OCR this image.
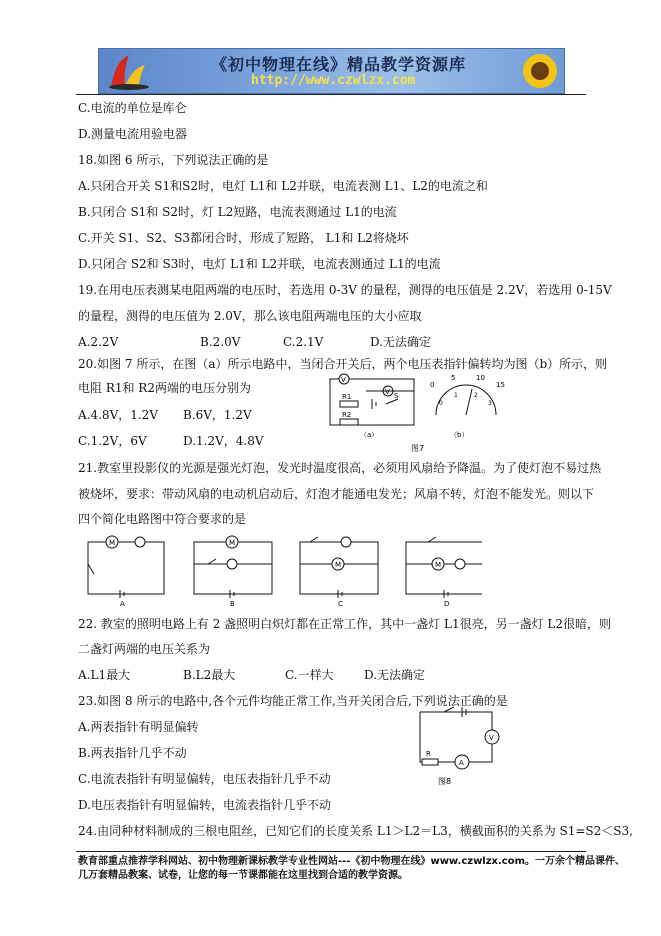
《初中物理在线》精品教学资源库
http://www.czwlzx.com
C.电流的单位是库仑
D.测量电流用验电器
18.如图 6 所示，下列说法正确的是
A.只闭合开关 S1和S2时，电灯 L1和 L2并联，电流表测 L1、L2的电流之和
B.只闭合 S1和 S2时，灯 L2短路，电流表测通过 L1的电流
C.开关 S1、S2、S3都闭合时，形成了短路， L1和 L2将烧坏
D.只闭合 S2和 S3时，电灯 L1和 L2并联，电流表测通过 L1的电流
19.在用电压表测某电阻两端的电压时，若选用 0-3V 的量程，测得的电压值是 2.2V，若选用 0-15V
的量程，测得的电压值为 2.0V，那么该电阻两端电压的大小应取
A.2.2V	B.2.0V	C.2.1V	D.无法确定
20.如图 7 所示，在图（a）所示电路中，当闭合开关后，两个电压表指针偏转均为图（b）所示，则
电阻 R1和 R2两端的电压分别为
A.4.8V，1.2V B.6V，1.2V
C.1.2V，6V	D.1.2V，4.8V
V
V
R1
R2
S
（a）	（b）
0
5	10
15
0
1	2
3
图7
21.教室里投影仪的光源是强光灯泡，发光时温度很高，必须用风扇给予降温。为了使灯泡不易过热
被烧坏，要求：带动风扇的电动机启动后，灯泡才能通电发光；风扇不转，灯泡不能发光。则以下
四个简化电路图中符合要求的是
M	M
M	M
A	B	C	D
22. 教室的照明电路上有 2 盏照明白炽灯都在正常工作，其中一盏灯 L1很亮，另一盏灯 L2很暗，则
二盏灯两端的电压关系为
A.L1最大	B.L2最大	C.一样大	D.无法确定
23.如图 8 所示的电路中,各个元件均能正常工作,当开关闭合后,下列说法正确的是
A.两表指针有明显偏转
B.两表指针几乎不动
C.电流表指针有明显偏转，电压表指针几乎不动
D.电压表指针有明显偏转，电流表指针几乎不动
R
A
V
图8
24.由同种材料制成的三根电阻丝，已知它们的长度关系 L1＞L2＝L3，横截面积的关系为 S1=S2＜S3,
教育部重点推荐学科网站、初中物理新课标教学专业性网站---《初中物理在线》www.czwlzx.com。一万余个精品课件、
几万套精品教案、试卷，让您的每一节课都能在这里找到合适的教学资源。
